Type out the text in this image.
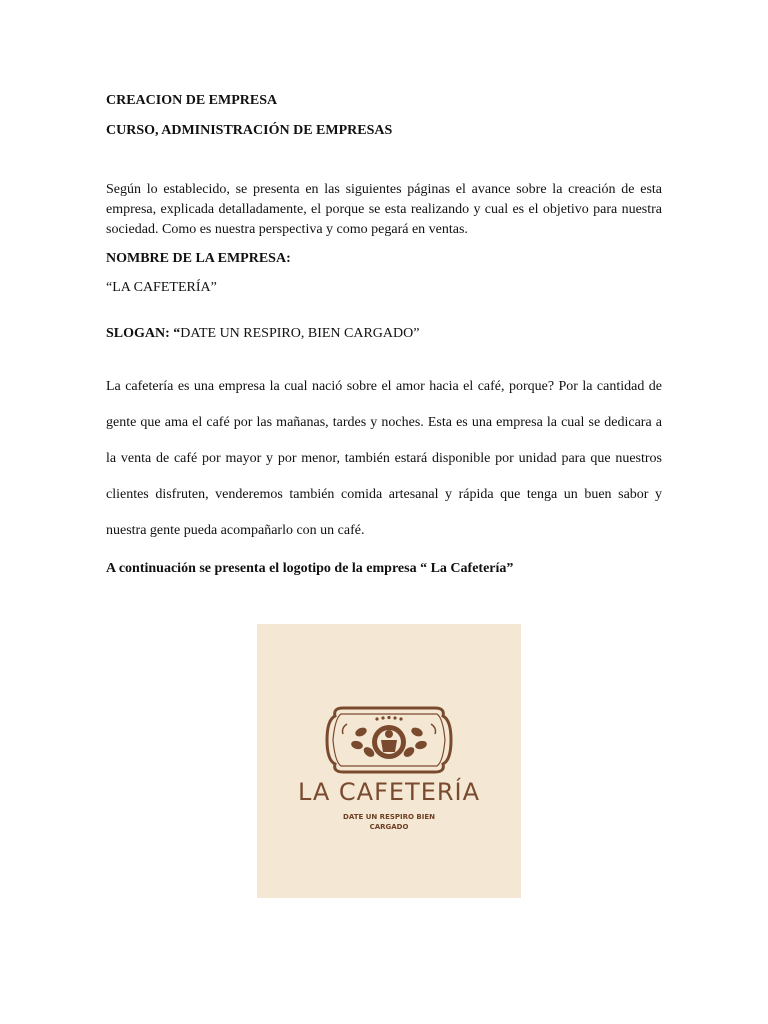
CREACION DE EMPRESA

CURSO, ADMINISTRACIÓN DE EMPRESAS

Según lo establecido, se presenta en las siguientes páginas el avance sobre la creación de esta empresa, explicada detalladamente, el porque se esta realizando y cual es el objetivo para nuestra sociedad. Como es nuestra perspectiva y como pegará en ventas.

NOMBRE DE LA EMPRESA:

“LA CAFETERÍA”

SLOGAN: “DATE UN RESPIRO, BIEN CARGADO”

La cafetería es una empresa la cual nació sobre el amor hacia el café, porque? Por la cantidad de gente que ama el café por las mañanas, tardes y noches. Esta es una empresa la cual se dedicara a la venta de café por mayor y por menor, también estará disponible por unidad para que nuestros clientes disfruten, venderemos también comida artesanal y rápida que tenga un buen sabor y nuestra gente pueda acompañarlo con un café.

A continuación se presenta el logotipo de la empresa “ La Cafetería”

LA CAFETERÍA
DATE UN RESPIRO BIEN
CARGADO
